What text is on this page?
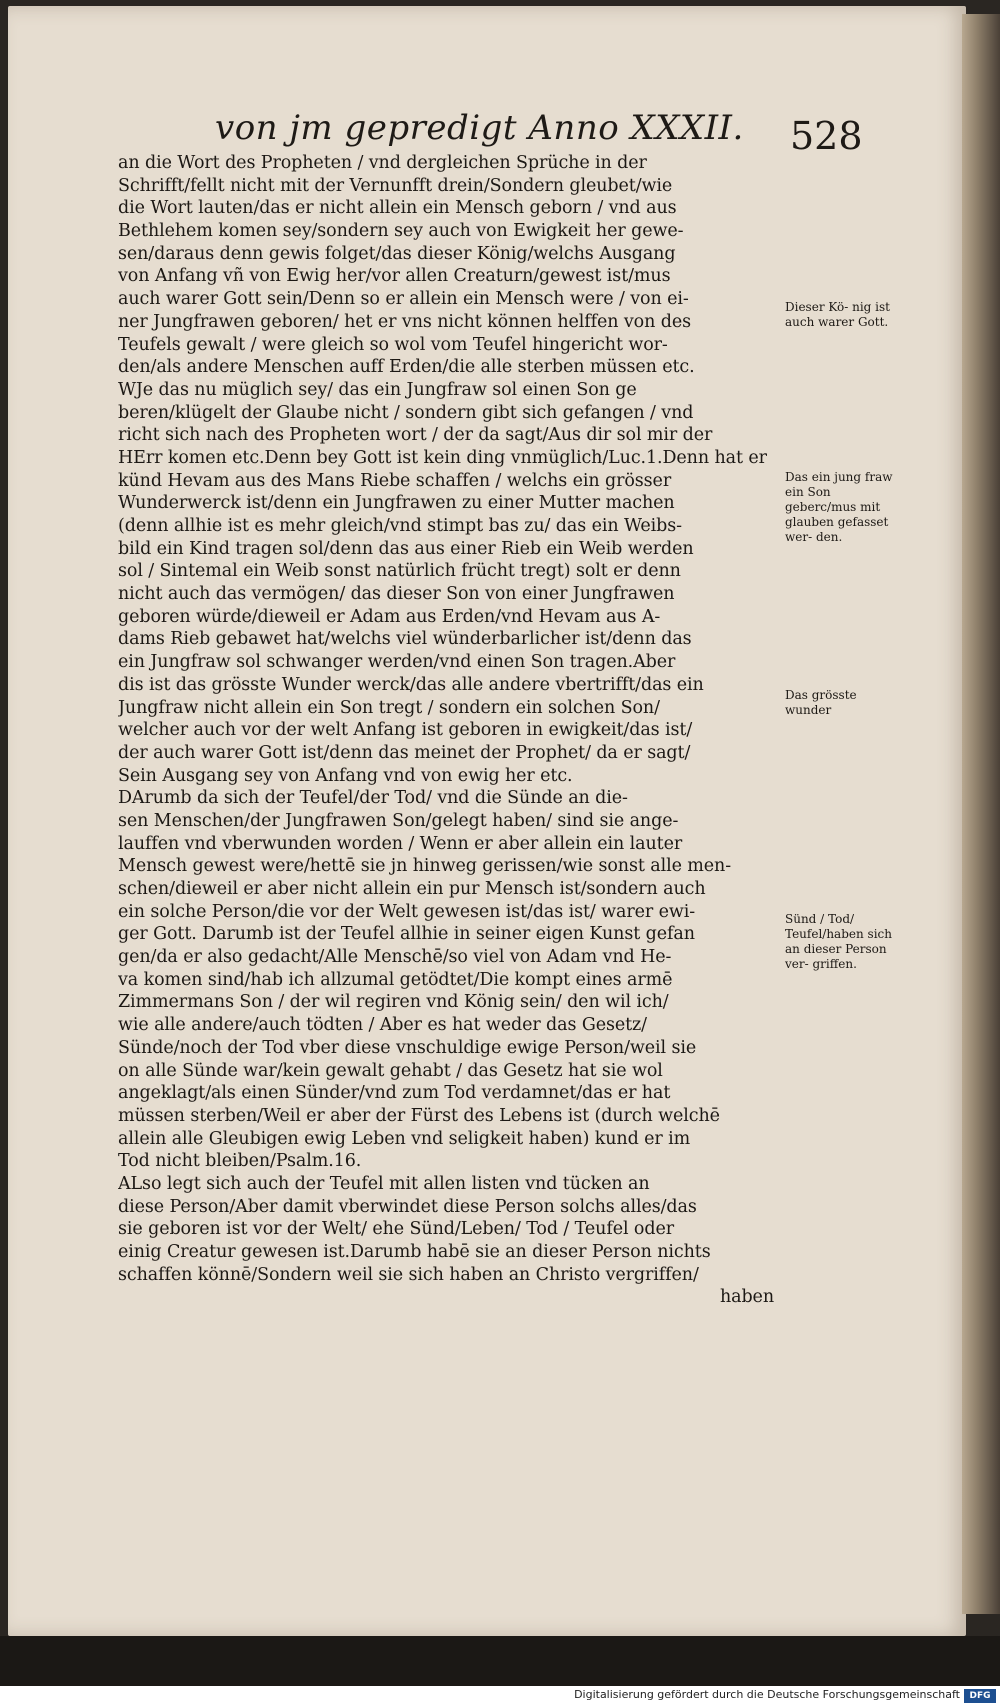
von jm gepredigt Anno XXXII. 528
an die Wort des Propheten / vnd dergleichen Sprüche in der
Schrifft/fellt nicht mit der Vernunfft drein/Sondern gleubet/wie
die Wort lauten/das er nicht allein ein Mensch geborn / vnd aus
Bethlehem komen sey/sondern sey auch von Ewigkeit her gewe-
sen/daraus denn gewis folget/das dieser König/welchs Ausgang
von Anfang vñ von Ewig her/vor allen Creaturn/gewest ist/mus
auch warer Gott sein/Denn so er allein ein Mensch were / von ei-
ner Jungfrawen geboren/ het er vns nicht können helffen von des
Teufels gewalt / were gleich so wol vom Teufel hingericht wor-
den/als andere Menschen auff Erden/die alle sterben müssen etc.
WJe das nu müglich sey/ das ein Jungfraw sol einen Son ge
beren/klügelt der Glaube nicht / sondern gibt sich gefangen / vnd
richt sich nach des Propheten wort / der da sagt/Aus dir sol mir der
HErr komen etc.Denn bey Gott ist kein ding vnmüglich/Luc.1.Denn hat er
künd Hevam aus des Mans Riebe schaffen / welchs ein grösser
Wunderwerck ist/denn ein Jungfrawen zu einer Mutter machen
(denn allhie ist es mehr gleich/vnd stimpt bas zu/ das ein Weibs-
bild ein Kind tragen sol/denn das aus einer Rieb ein Weib werden
sol / Sintemal ein Weib sonst natürlich frücht tregt) solt er denn
nicht auch das vermögen/ das dieser Son von einer Jungfrawen
geboren würde/dieweil er Adam aus Erden/vnd Hevam aus A-
dams Rieb gebawet hat/welchs viel wünderbarlicher ist/denn das
ein Jungfraw sol schwanger werden/vnd einen Son tragen.Aber
dis ist das grösste Wunder werck/das alle andere vbertrifft/das ein
Jungfraw nicht allein ein Son tregt / sondern ein solchen Son/
welcher auch vor der welt Anfang ist geboren in ewigkeit/das ist/
der auch warer Gott ist/denn das meinet der Prophet/ da er sagt/
Sein Ausgang sey von Anfang vnd von ewig her etc.
DArumb da sich der Teufel/der Tod/ vnd die Sünde an die-
sen Menschen/der Jungfrawen Son/gelegt haben/ sind sie ange-
lauffen vnd vberwunden worden / Wenn er aber allein ein lauter
Mensch gewest were/hettē sie jn hinweg gerissen/wie sonst alle men-
schen/dieweil er aber nicht allein ein pur Mensch ist/sondern auch
ein solche Person/die vor der Welt gewesen ist/das ist/ warer ewi-
ger Gott. Darumb ist der Teufel allhie in seiner eigen Kunst gefan
gen/da er also gedacht/Alle Menschē/so viel von Adam vnd He-
va komen sind/hab ich allzumal getödtet/Die kompt eines armē
Zimmermans Son / der wil regiren vnd König sein/ den wil ich/
wie alle andere/auch tödten / Aber es hat weder das Gesetz/
Sünde/noch der Tod vber diese vnschuldige ewige Person/weil sie
on alle Sünde war/kein gewalt gehabt / das Gesetz hat sie wol
angeklagt/als einen Sünder/vnd zum Tod verdamnet/das er hat
müssen sterben/Weil er aber der Fürst des Lebens ist (durch welchē
allein alle Gleubigen ewig Leben vnd seligkeit haben) kund er im
Tod nicht bleiben/Psalm.16.
ALso legt sich auch der Teufel mit allen listen vnd tücken an
diese Person/Aber damit vberwindet diese Person solchs alles/das
sie geboren ist vor der Welt/ ehe Sünd/Leben/ Tod / Teufel oder
einig Creatur gewesen ist.Darumb habē sie an dieser Person nichts
schaffen könnē/Sondern weil sie sich haben an Christo vergriffen/
haben
Dieser Kö- nig ist auch warer Gott.
Das ein jung fraw ein Son geberc/mus mit glauben gefasset wer- den.
Das grösste wunder
Sünd / Tod/ Teufel/haben sich an dieser Person ver- griffen.
Digitalisierung gefördert durch die Deutsche Forschungsgemeinschaft	DFG
